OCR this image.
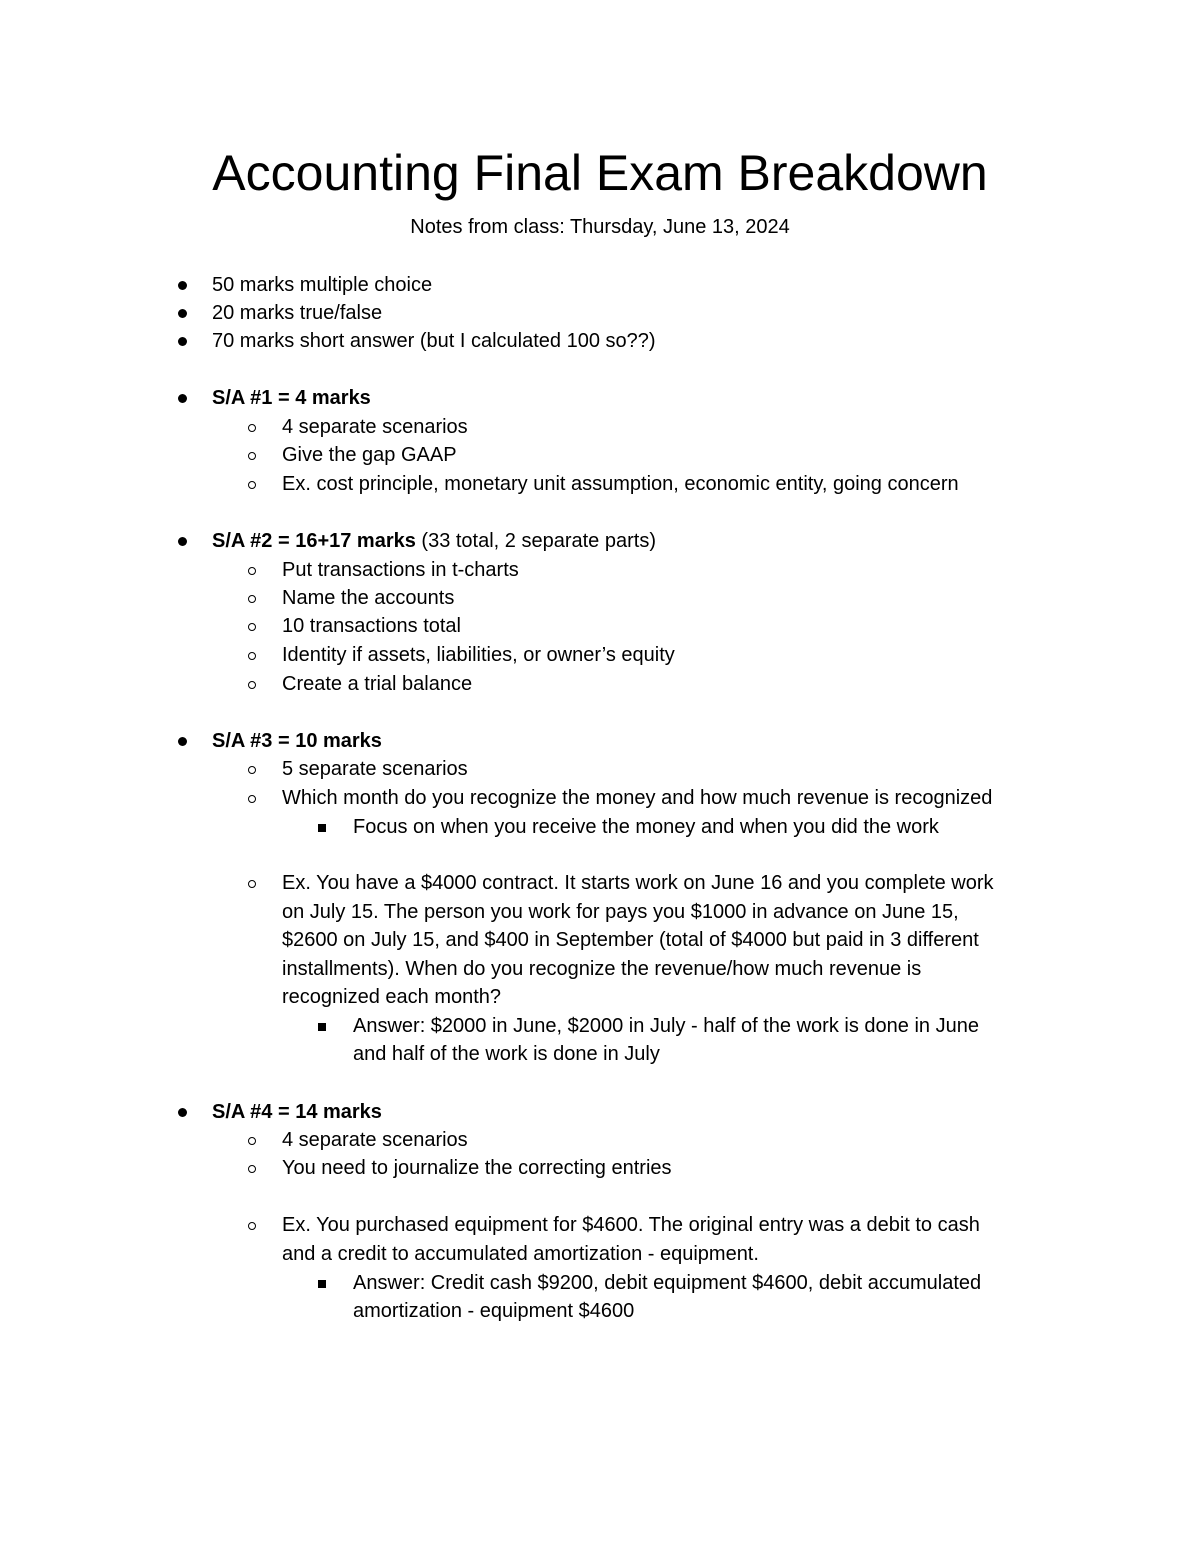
Accounting Final Exam Breakdown
Notes from class: Thursday, June 13, 2024
50 marks multiple choice
20 marks true/false
70 marks short answer (but I calculated 100 so??)
S/A #1 = 4 marks
4 separate scenarios
Give the gap GAAP
Ex. cost principle, monetary unit assumption, economic entity, going concern
S/A #2 = 16+17 marks (33 total, 2 separate parts)
Put transactions in t-charts
Name the accounts
10 transactions total
Identity if assets, liabilities, or owner’s equity
Create a trial balance
S/A #3 = 10 marks
5 separate scenarios
Which month do you recognize the money and how much revenue is recognized
Focus on when you receive the money and when you did the work
Ex. You have a $4000 contract. It starts work on June 16 and you complete work
on July 15. The person you work for pays you $1000 in advance on June 15,
$2600 on July 15, and $400 in September (total of $4000 but paid in 3 different
installments). When do you recognize the revenue/how much revenue is
recognized each month?
Answer: $2000 in June, $2000 in July - half of the work is done in June
and half of the work is done in July
S/A #4 = 14 marks
4 separate scenarios
You need to journalize the correcting entries
Ex. You purchased equipment for $4600. The original entry was a debit to cash
and a credit to accumulated amortization - equipment.
Answer: Credit cash $9200, debit equipment $4600, debit accumulated
amortization - equipment $4600
